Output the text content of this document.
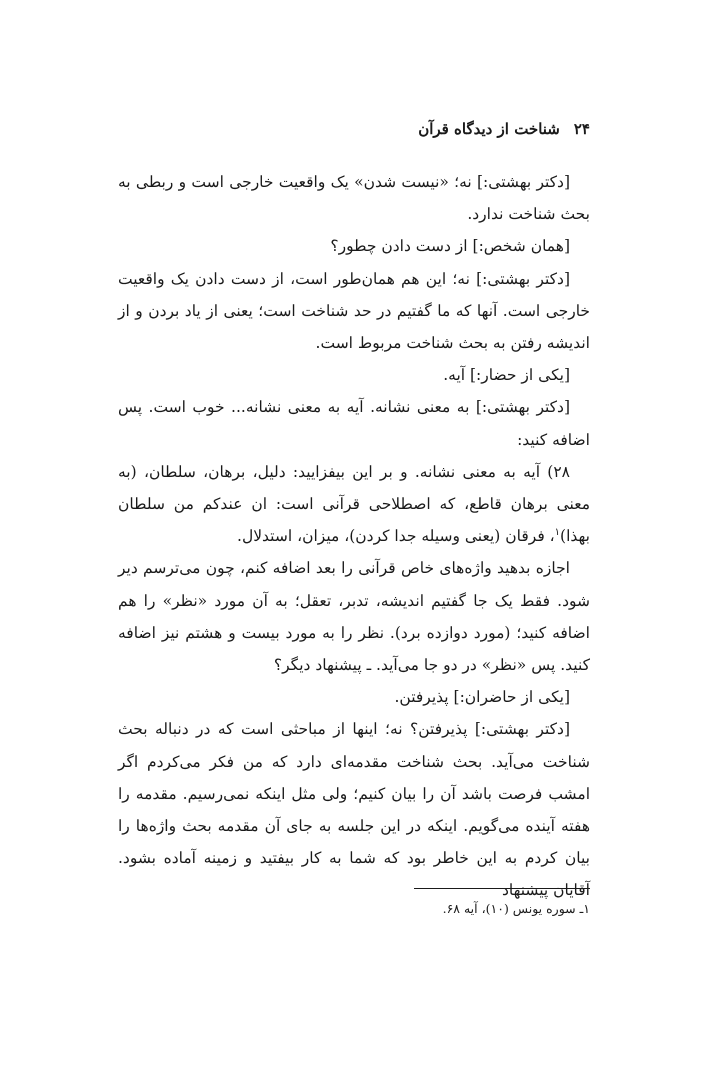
۲۴شناخت از دیدگاه قرآن

[دکتر بهشتی:] نه؛ «نیست شدن» یک واقعیت خارجی است و ربطی به بحث شناخت ندارد.

[همان شخص:] از دست دادن چطور؟

[دکتر بهشتی:] نه؛ این هم همان‌طور است، از دست دادن یک واقعیت خارجی است. آنها که ما گفتیم در حد شناخت است؛ یعنی از یاد بردن و از اندیشه رفتن به بحث شناخت مربوط است.

[یکی از حضار:] آیه.

[دکتر بهشتی:] به معنی نشانه. آیه به معنی نشانه... خوب است. پس اضافه کنید:

۲۸) آیه به معنی نشانه. و بر این بیفزایید: دلیل، برهان، سلطان، (به معنی برهان قاطع، که اصطلاحی قرآنی است: ان عندکم من سلطان بهذا)$^۱$، فرقان (یعنی وسیله جدا کردن)، میزان، استدلال.

اجازه بدهید واژه‌های خاص قرآنی را بعد اضافه کنم، چون می‌ترسم دیر شود. فقط یک جا گفتیم اندیشه، تدبر، تعقل؛ به آن مورد «نظر» را هم اضافه کنید؛ (مورد دوازده برد). نظر را به مورد بیست و هشتم نیز اضافه کنید. پس «نظر» در دو جا می‌آید. ـ پیشنهاد دیگر؟

[یکی از حاضران:] پذیرفتن.

[دکتر بهشتی:] پذیرفتن؟ نه؛ اینها از مباحثی است که در دنباله بحث شناخت می‌آید. بحث شناخت مقدمه‌ای دارد که من فکر می‌کردم اگر امشب فرصت باشد آن را بیان کنیم؛ ولی مثل اینکه نمی‌رسیم. مقدمه را هفته آینده می‌گویم. اینکه در این جلسه به جای آن مقدمه بحث واژه‌ها را بیان کردم به این خاطر بود که شما به کار بیفتید و زمینه آماده بشود. آقایان پیشنهاد

۱ـ سوره یونس (۱۰)، آیه ۶۸.
